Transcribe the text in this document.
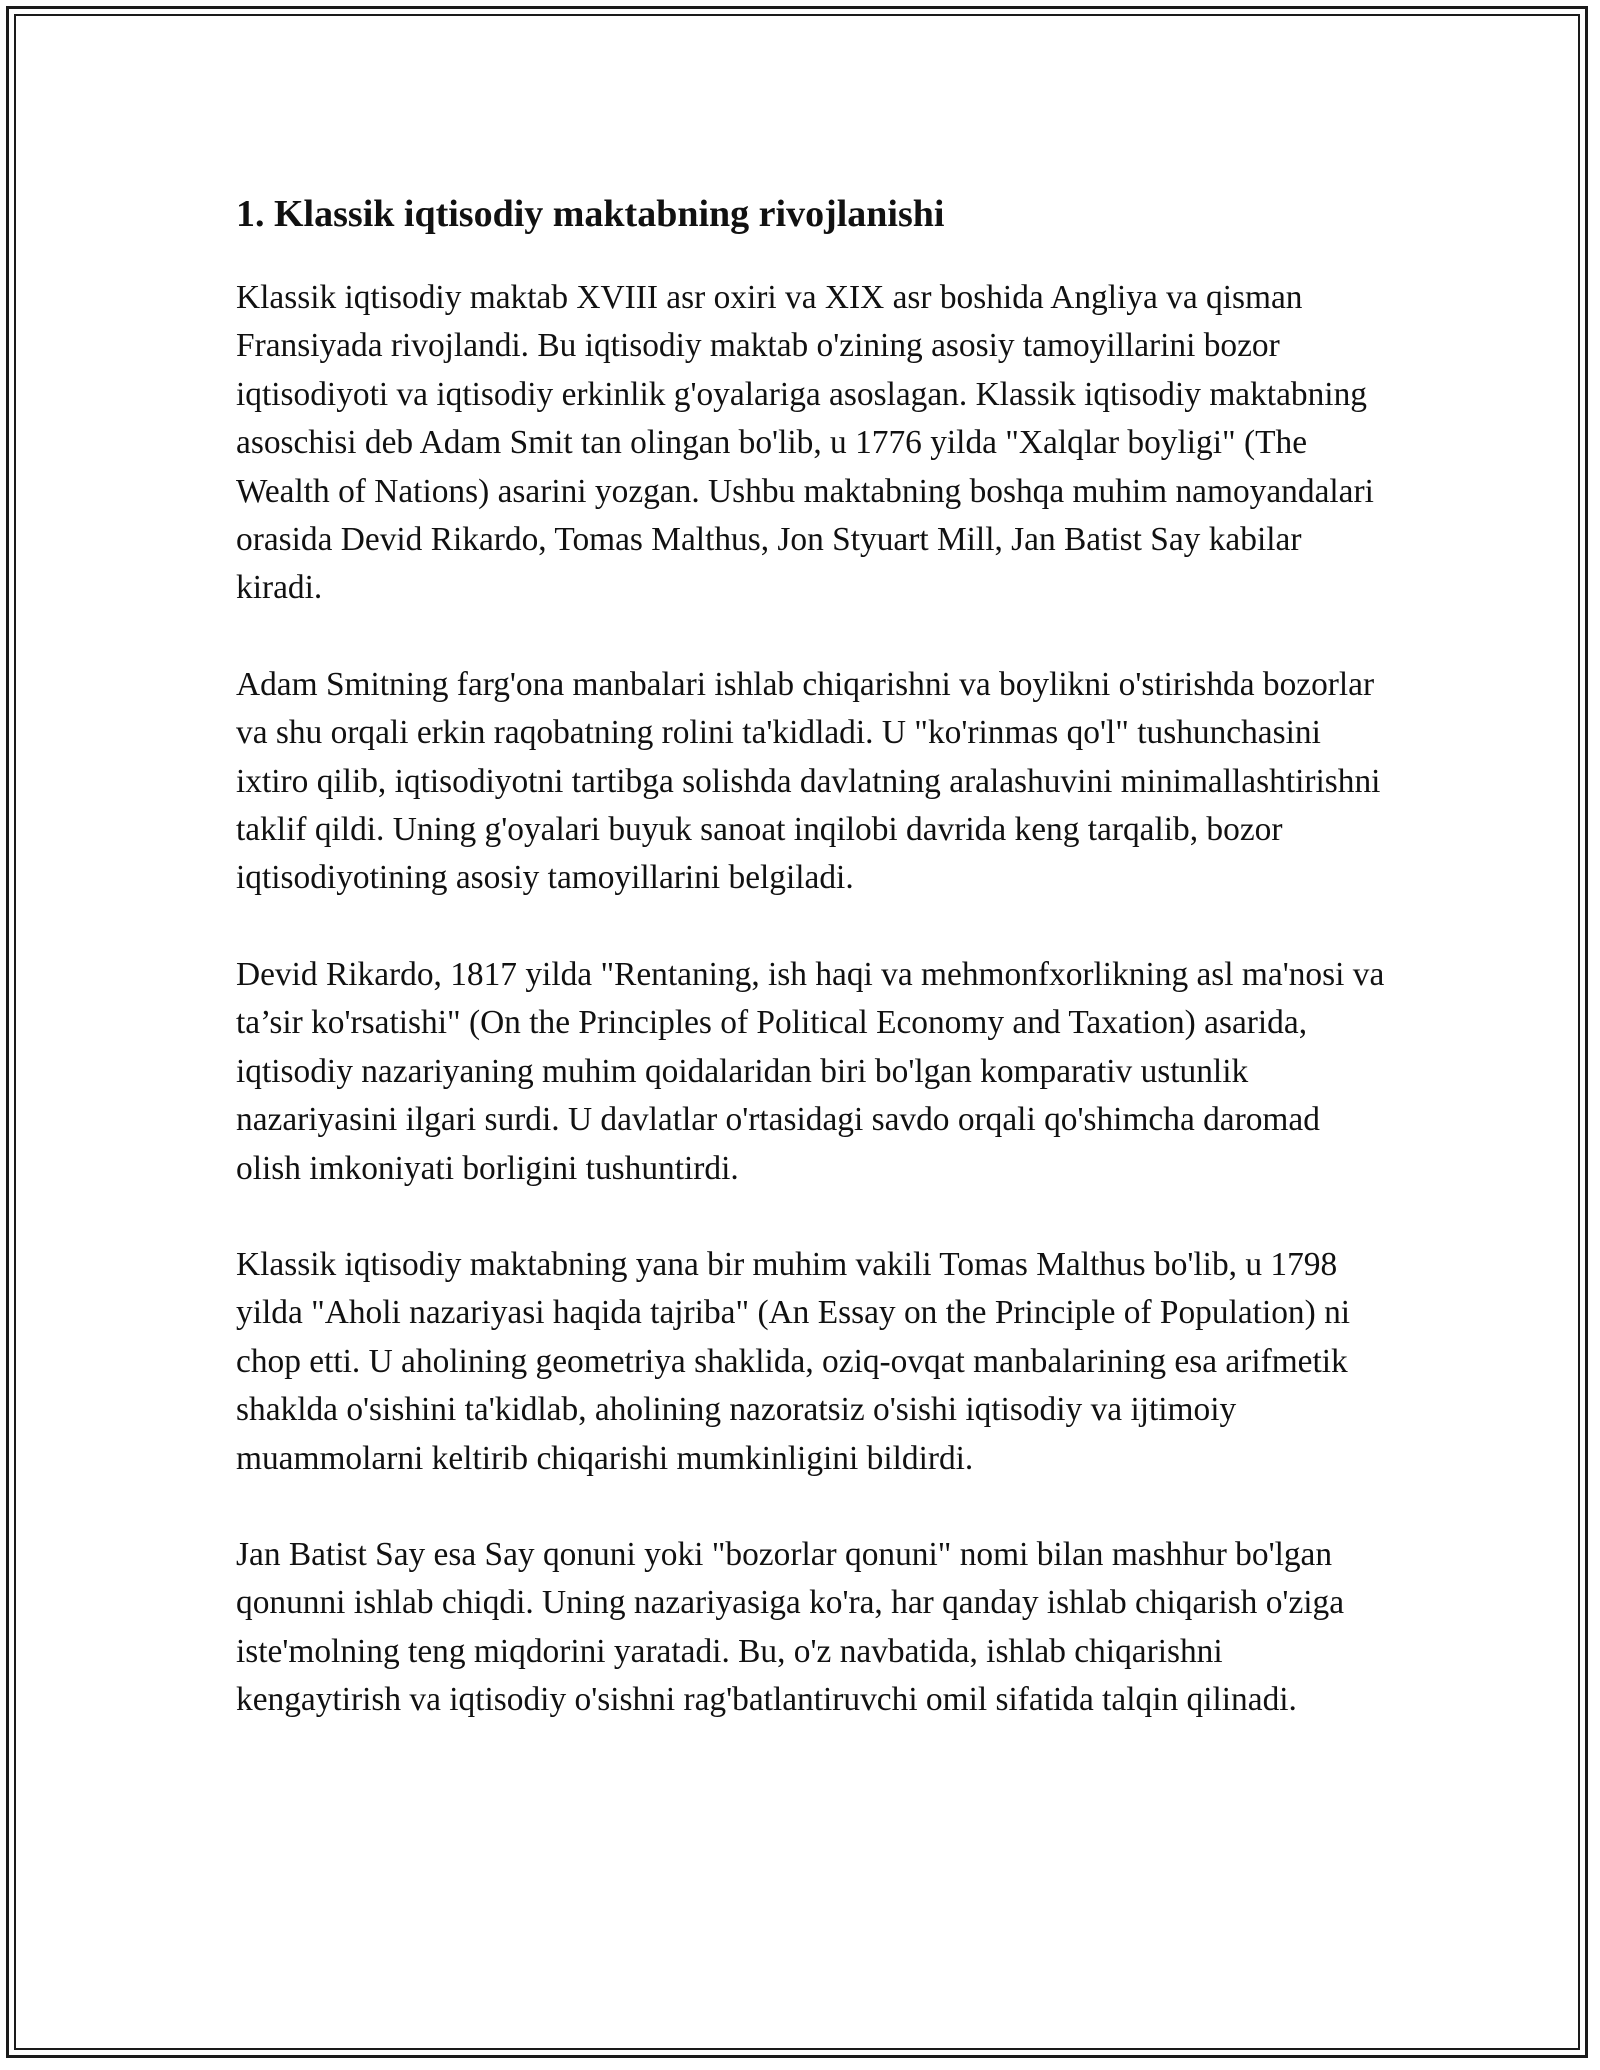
1. Klassik iqtisodiy maktabning rivojlanishi

Klassik iqtisodiy maktab XVIII asr oxiri va XIX asr boshida Angliya va qisman Fransiyada rivojlandi. Bu iqtisodiy maktab o'zining asosiy tamoyillarini bozor iqtisodiyoti va iqtisodiy erkinlik g'oyalariga asoslagan. Klassik iqtisodiy maktabning asoschisi deb Adam Smit tan olingan bo'lib, u 1776 yilda "Xalqlar boyligi" (The Wealth of Nations) asarini yozgan. Ushbu maktabning boshqa muhim namoyandalari orasida Devid Rikardo, Tomas Malthus, Jon Styuart Mill, Jan Batist Say kabilar kiradi.

Adam Smitning farg'ona manbalari ishlab chiqarishni va boylikni o'stirishda bozorlar va shu orqali erkin raqobatning rolini ta'kidladi. U "ko'rinmas qo'l" tushunchasini ixtiro qilib, iqtisodiyotni tartibga solishda davlatning aralashuvini minimallashtirishni taklif qildi. Uning g'oyalari buyuk sanoat inqilobi davrida keng tarqalib, bozor iqtisodiyotining asosiy tamoyillarini belgiladi.

Devid Rikardo, 1817 yilda "Rentaning, ish haqi va mehmonfxorlikning asl ma'nosi va ta’sir ko'rsatishi" (On the Principles of Political Economy and Taxation) asarida, iqtisodiy nazariyaning muhim qoidalaridan biri bo'lgan komparativ ustunlik nazariyasini ilgari surdi. U davlatlar o'rtasidagi savdo orqali qo'shimcha daromad olish imkoniyati borligini tushuntirdi.

Klassik iqtisodiy maktabning yana bir muhim vakili Tomas Malthus bo'lib, u 1798 yilda "Aholi nazariyasi haqida tajriba" (An Essay on the Principle of Population) ni chop etti. U aholining geometriya shaklida, oziq-ovqat manbalarining esa arifmetik shaklda o'sishini ta'kidlab, aholining nazoratsiz o'sishi iqtisodiy va ijtimoiy muammolarni keltirib chiqarishi mumkinligini bildirdi.

Jan Batist Say esa Say qonuni yoki "bozorlar qonuni" nomi bilan mashhur bo'lgan qonunni ishlab chiqdi. Uning nazariyasiga ko'ra, har qanday ishlab chiqarish o'ziga iste'molning teng miqdorini yaratadi. Bu, o'z navbatida, ishlab chiqarishni kengaytirish va iqtisodiy o'sishni rag'batlantiruvchi omil sifatida talqin qilinadi.
